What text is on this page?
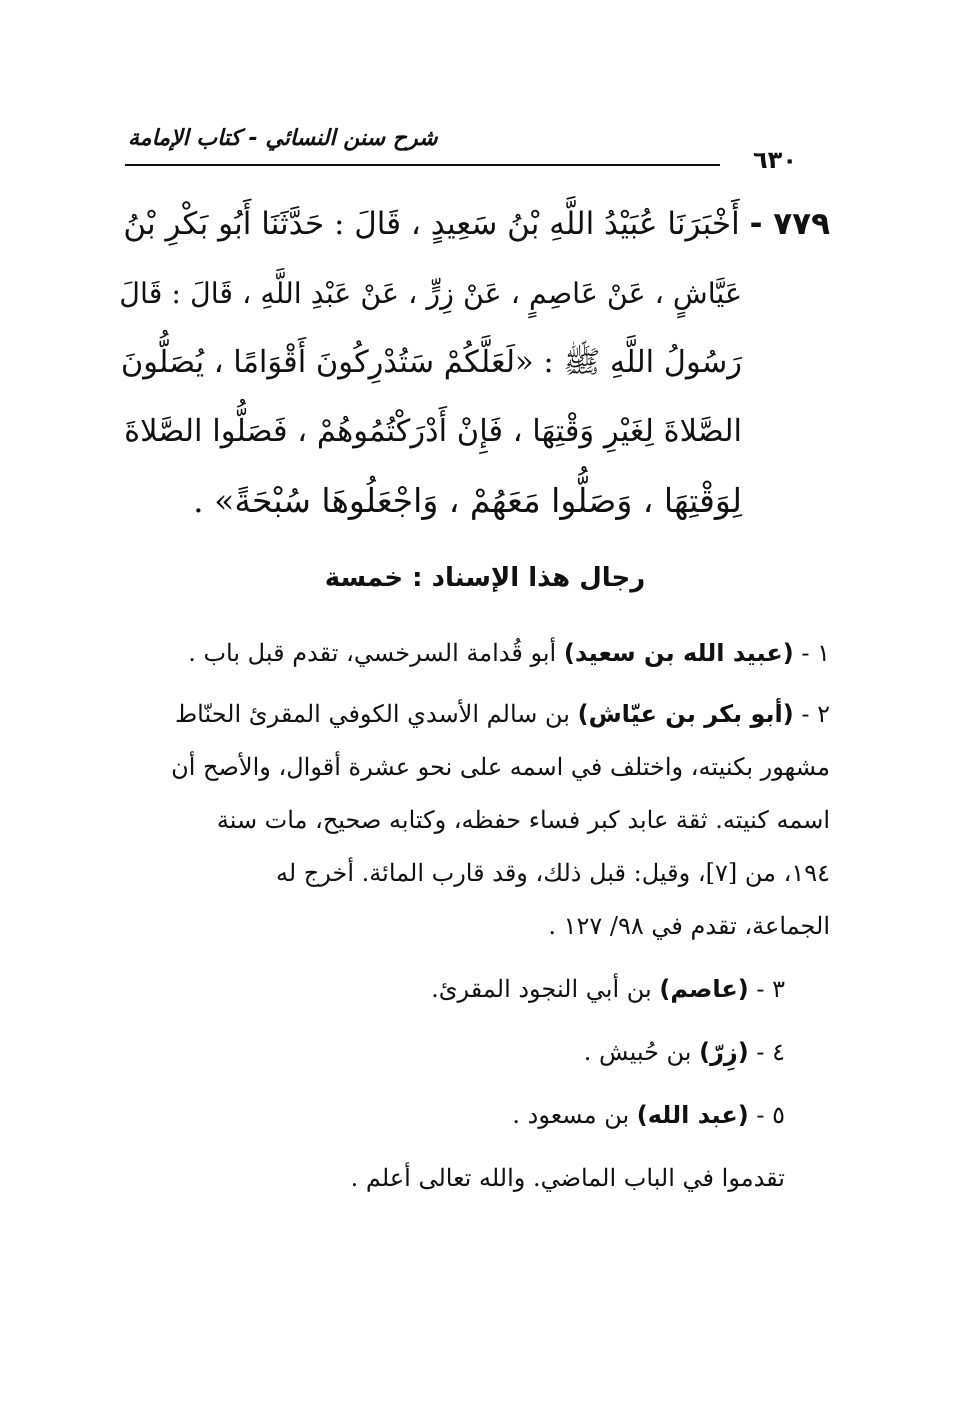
شرح سنن النسائي - كتاب الإمامة
٦٣٠
٧٧٩ - أَخْبَرَنَا عُبَيْدُ اللَّهِ بْنُ سَعِيدٍ ، قَالَ : حَدَّثَنَا أَبُو بَكْرِ بْنُ
عَيَّاشٍ ، عَنْ عَاصِمٍ ، عَنْ زِرٍّ ، عَنْ عَبْدِ اللَّهِ ، قَالَ : قَالَ
رَسُولُ اللَّهِ ﷺ : «لَعَلَّكُمْ سَتُدْرِكُونَ أَقْوَامًا ، يُصَلُّونَ
الصَّلاةَ لِغَيْرِ وَقْتِهَا ، فَإِنْ أَدْرَكْتُمُوهُمْ ، فَصَلُّوا الصَّلاةَ
لِوَقْتِهَا ، وَصَلُّوا مَعَهُمْ ، وَاجْعَلُوهَا سُبْحَةً» .
رجال هذا الإسناد : خمسة
١ - (عبيد الله بن سعيد) أبو قُدامة السرخسي، تقدم قبل باب .
٢ - (أبو بكر بن عيّاش) بن سالم الأسدي الكوفي المقرئ الحنّاط
مشهور بكنيته، واختلف في اسمه على نحو عشرة أقوال، والأصح أن
اسمه كنيته. ثقة عابد كبر فساء حفظه، وكتابه صحيح، مات سنة
١٩٤، من [٧]، وقيل: قبل ذلك، وقد قارب المائة. أخرج له
الجماعة، تقدم في ٩٨/ ١٢٧ .
٣ - (عاصم) بن أبي النجود المقرئ.
٤ - (زِرّ) بن حُبيش .
٥ - (عبد الله) بن مسعود .
تقدموا في الباب الماضي. والله تعالى أعلم .
